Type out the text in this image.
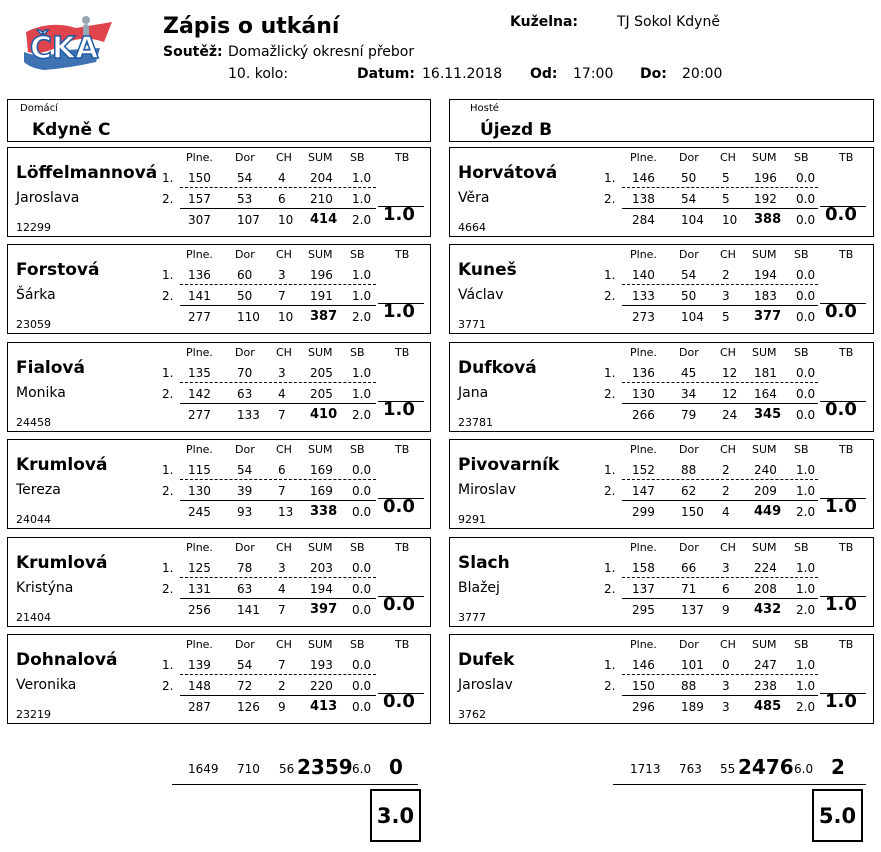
ČKA
Zápis o utkání
Soutěž: Domažlický okresní přebor
10. kolo:	Datum: 16.11.2018 Od: 17:00 Do: 20:00
Kuželna:	TJ Sokol Kdyně
Domácí
Kdyně C
Hosté
Újezd B
Plne. Dor CH SUM SB	TB
Löffelmannová
Jaroslava
12299
1.
2.
150 54 4 204 1.0
157 53 6 210 1.0
307 107 10 414 2.0 1.0
Plne. Dor CH SUM SB	TB
Horvátová
Věra
4664
1.
2.
146 50 5 196 0.0
138 54 5 192 0.0
284 104 10 388 0.0 0.0
Plne. Dor CH SUM SB	TB
Forstová
Šárka
23059
1.
2.
136 60 3 196 1.0
141 50 7 191 1.0
277 110 10 387 2.0 1.0
Plne. Dor CH SUM SB	TB
Kuneš
Václav
3771
1.
2.
140 54 2 194 0.0
133 50 3 183 0.0
273 104 5 377 0.0 0.0
Plne. Dor CH SUM SB	TB
Fialová
Monika
24458
1.
2.
135 70 3 205 1.0
142 63 4 205 1.0
277 133 7 410 2.0 1.0
Plne. Dor CH SUM SB	TB
Dufková
Jana
23781
1.
2.
136 45 12 181 0.0
130 34 12 164 0.0
266 79 24 345 0.0 0.0
Plne. Dor CH SUM SB	TB
Krumlová
Tereza
24044
1.
2.
115 54 6 169 0.0
130 39 7 169 0.0
245 93 13 338 0.0 0.0
Plne. Dor CH SUM SB	TB
Pivovarník
Miroslav
9291
1.
2.
152 88 2 240 1.0
147 62 2 209 1.0
299 150 4 449 2.0 1.0
Plne. Dor CH SUM SB	TB
Krumlová
Kristýna
21404
1.
2.
125 78 3 203 0.0
131 63 4 194 0.0
256 141 7 397 0.0 0.0
Plne. Dor CH SUM SB	TB
Slach
Blažej
3777
1.
2.
158 66 3 224 1.0
137 71 6 208 1.0
295 137 9 432 2.0 1.0
Plne. Dor CH SUM SB	TB
Dohnalová
Veronika
23219
1.
2.
139 54 7 193 0.0
148 72 2 220 0.0
287 126 9 413 0.0 0.0
Plne. Dor CH SUM SB	TB
Dufek
Jaroslav
3762
1.
2.
146 101 0 247 1.0
150 88 3 238 1.0
296 189 3 485 2.0 1.0
1649 710 56 2359 6.0 0
3.0
1713 763 55 2476 6.0 2
5.0
